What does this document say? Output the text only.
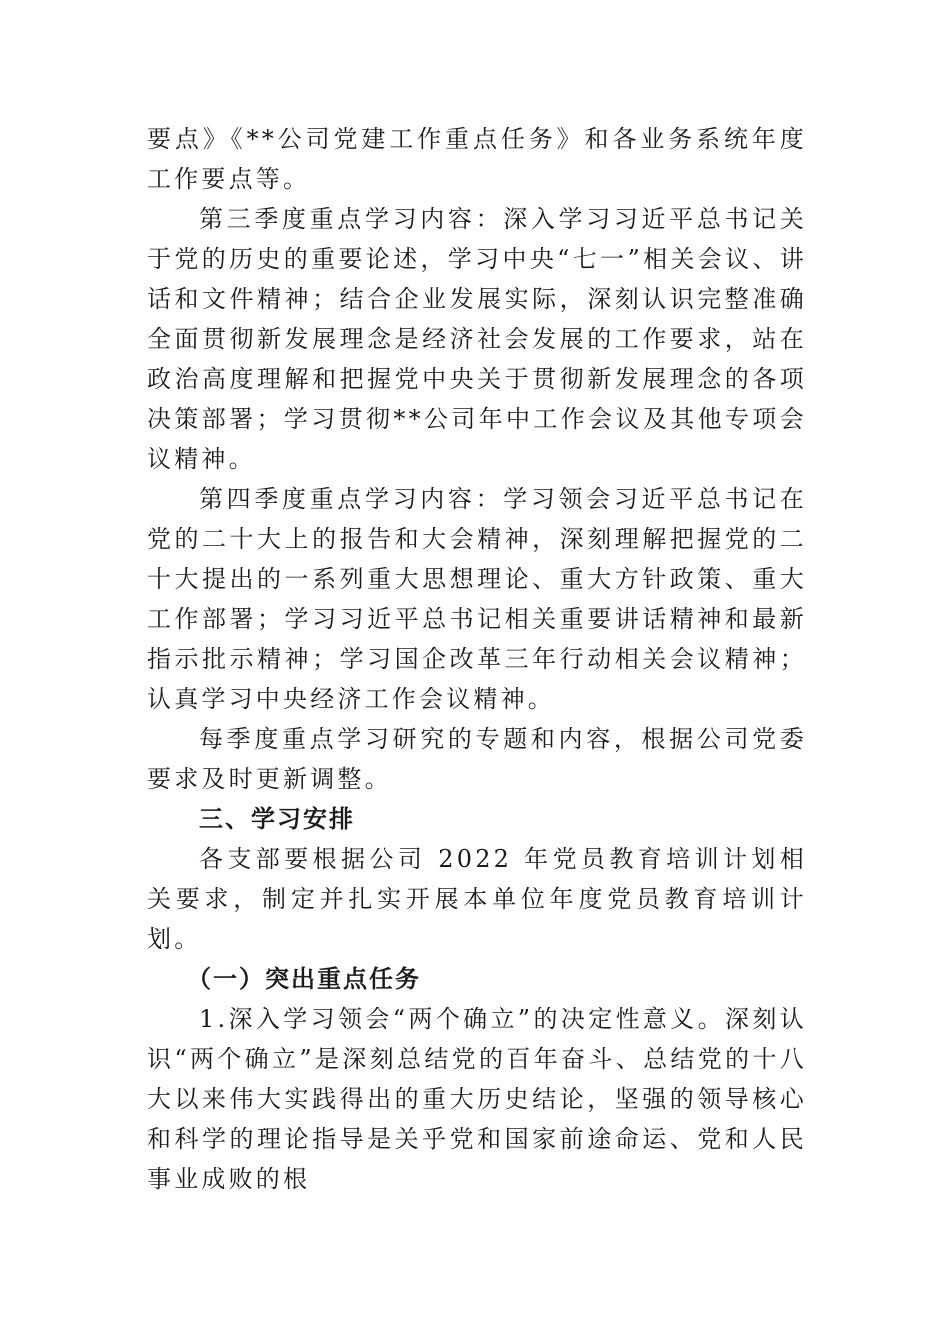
要点》《**公司党建工作重点任务》和各业务系统年度工作要点等。

第三季度重点学习内容：深入学习习近平总书记关于党的历史的重要论述，学习中央“七一”相关会议、讲话和文件精神；结合企业发展实际，深刻认识完整准确全面贯彻新发展理念是经济社会发展的工作要求，站在政治高度理解和把握党中央关于贯彻新发展理念的各项决策部署；学习贯彻**公司年中工作会议及其他专项会议精神。

第四季度重点学习内容：学习领会习近平总书记在党的二十大上的报告和大会精神，深刻理解把握党的二十大提出的一系列重大思想理论、重大方针政策、重大工作部署；学习习近平总书记相关重要讲话精神和最新指示批示精神；学习国企改革三年行动相关会议精神；认真学习中央经济工作会议精神。

每季度重点学习研究的专题和内容，根据公司党委要求及时更新调整。

三、学习安排

各支部要根据公司 2022 年党员教育培训计划相关要求，制定并扎实开展本单位年度党员教育培训计划。

（一）突出重点任务

1.深入学习领会“两个确立”的决定性意义。深刻认识“两个确立”是深刻总结党的百年奋斗、总结党的十八大以来伟大实践得出的重大历史结论，坚强的领导核心和科学的理论指导是关乎党和国家前途命运、党和人民事业成败的根
